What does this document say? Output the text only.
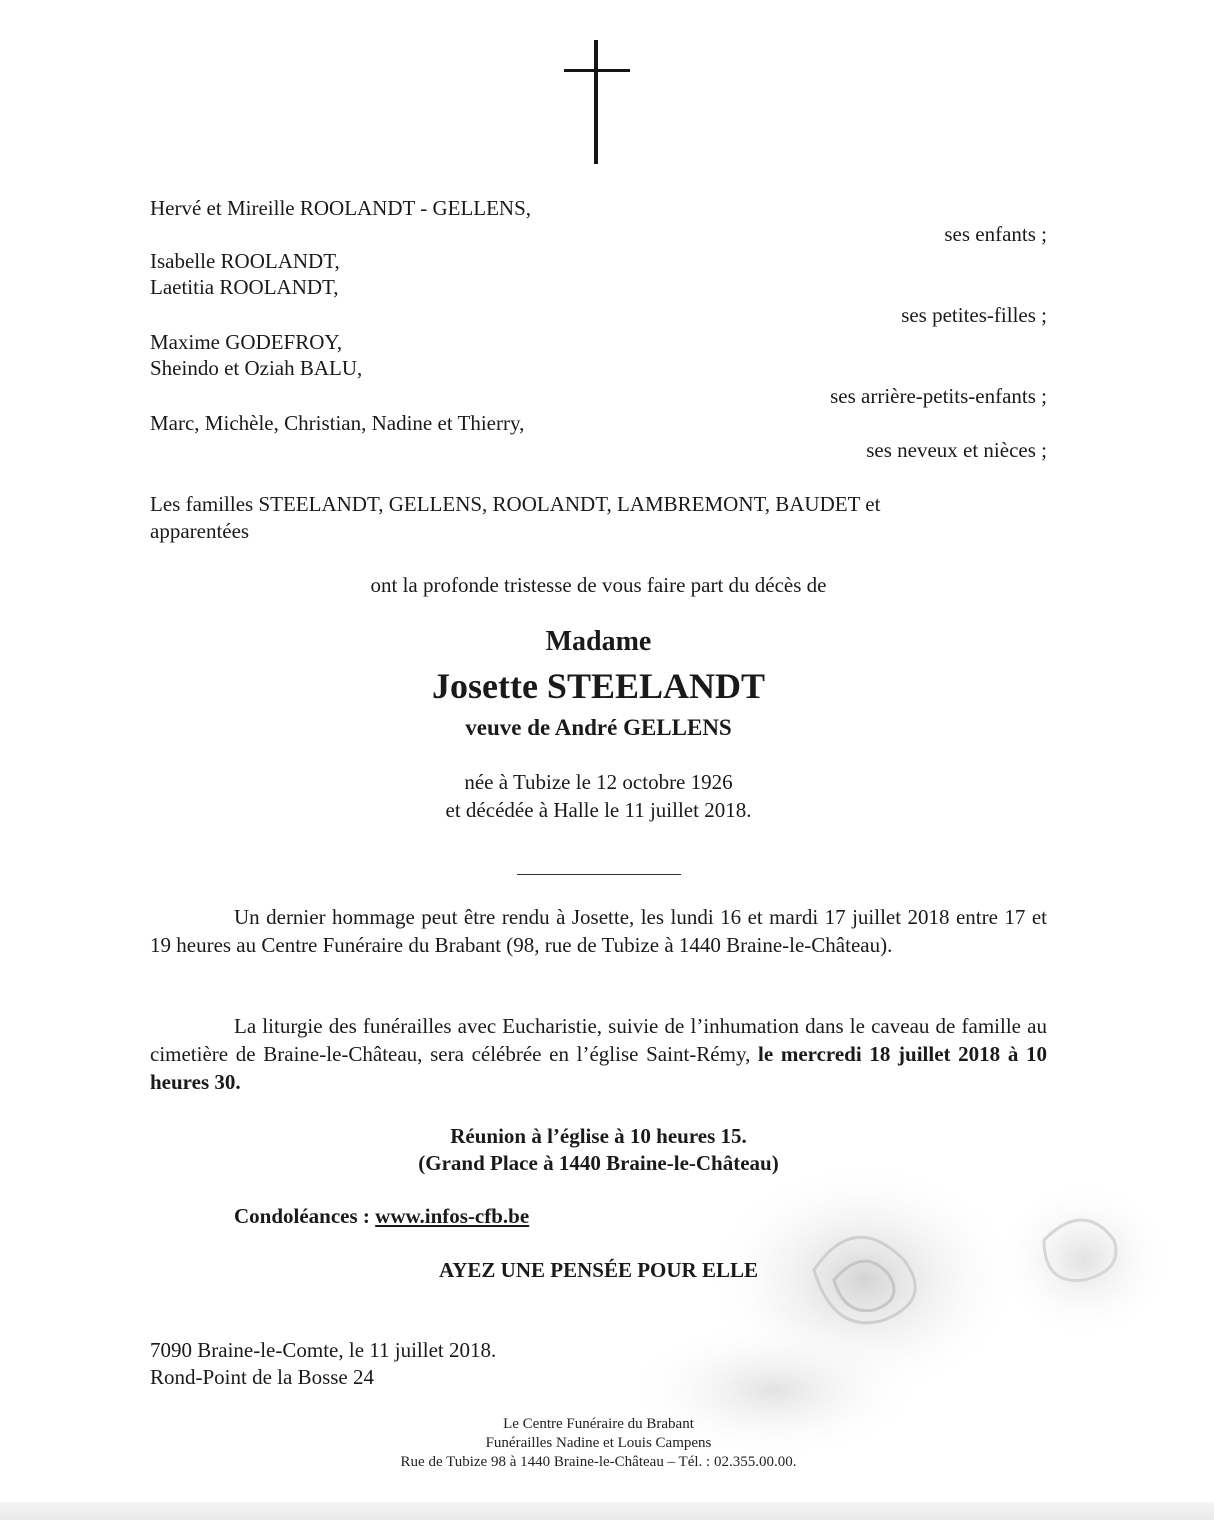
Hervé et Mireille ROOLANDT - GELLENS,
ses enfants ;
Isabelle ROOLANDT,
Laetitia ROOLANDT,
ses petites-filles ;
Maxime GODEFROY,
Sheindo et Oziah BALU,
ses arrière-petits-enfants ;
Marc, Michèle, Christian, Nadine et Thierry,
ses neveux et nièces ;
Les familles STEELANDT, GELLENS, ROOLANDT, LAMBREMONT, BAUDET et
apparentées
ont la profonde tristesse de vous faire part du décès de
Madame
Josette STEELANDT
veuve de André GELLENS
née à Tubize le 12 octobre 1926
et décédée à Halle le 11 juillet 2018.
Un dernier hommage peut être rendu à Josette, les lundi 16 et mardi 17 juillet 2018 entre 17 et 19 heures au Centre Funéraire du Brabant (98, rue de Tubize à 1440 Braine-le-Château).
La liturgie des funérailles avec Eucharistie, suivie de l’inhumation dans le caveau de famille au cimetière de Braine-le-Château, sera célébrée en l’église Saint-Rémy, le mercredi 18 juillet 2018 à 10 heures 30.
Réunion à l’église à 10 heures 15.
(Grand Place à 1440 Braine-le-Château)
Condoléances : www.infos-cfb.be
AYEZ UNE PENSÉE POUR ELLE
7090 Braine-le-Comte, le 11 juillet 2018.
Rond-Point de la Bosse 24
Le Centre Funéraire du Brabant
Funérailles Nadine et Louis Campens
Rue de Tubize 98 à 1440 Braine-le-Château – Tél. : 02.355.00.00.
